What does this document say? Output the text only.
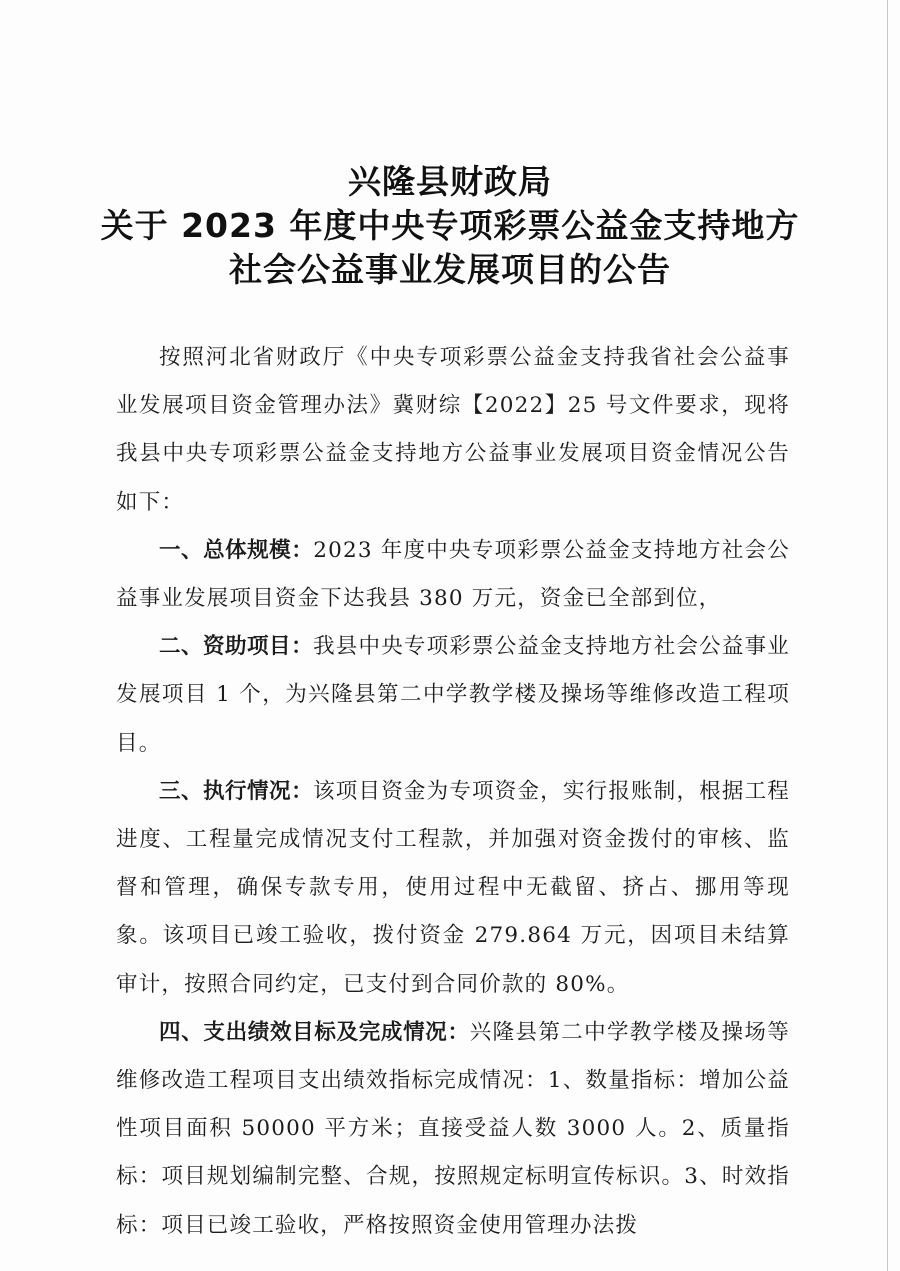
兴隆县财政局
关于 2023 年度中央专项彩票公益金支持地方
社会公益事业发展项目的公告

按照河北省财政厅《中央专项彩票公益金支持我省社会公益事业发展项目资金管理办法》冀财综【2022】25 号文件要求，现将我县中央专项彩票公益金支持地方公益事业发展项目资金情况公告如下：

一、总体规模：2023 年度中央专项彩票公益金支持地方社会公益事业发展项目资金下达我县 380 万元，资金已全部到位，

二、资助项目：我县中央专项彩票公益金支持地方社会公益事业发展项目 1 个，为兴隆县第二中学教学楼及操场等维修改造工程项目。

三、执行情况：该项目资金为专项资金，实行报账制，根据工程进度、工程量完成情况支付工程款，并加强对资金拨付的审核、监督和管理，确保专款专用，使用过程中无截留、挤占、挪用等现象。该项目已竣工验收，拨付资金 279.864 万元，因项目未结算审计，按照合同约定，已支付到合同价款的 80%。

四、支出绩效目标及完成情况：兴隆县第二中学教学楼及操场等维修改造工程项目支出绩效指标完成情况：1、数量指标：增加公益性项目面积 50000 平方米；直接受益人数 3000 人。2、质量指标：项目规划编制完整、合规，按照规定标明宣传标识。3、时效指标：项目已竣工验收，严格按照资金使用管理办法拨
